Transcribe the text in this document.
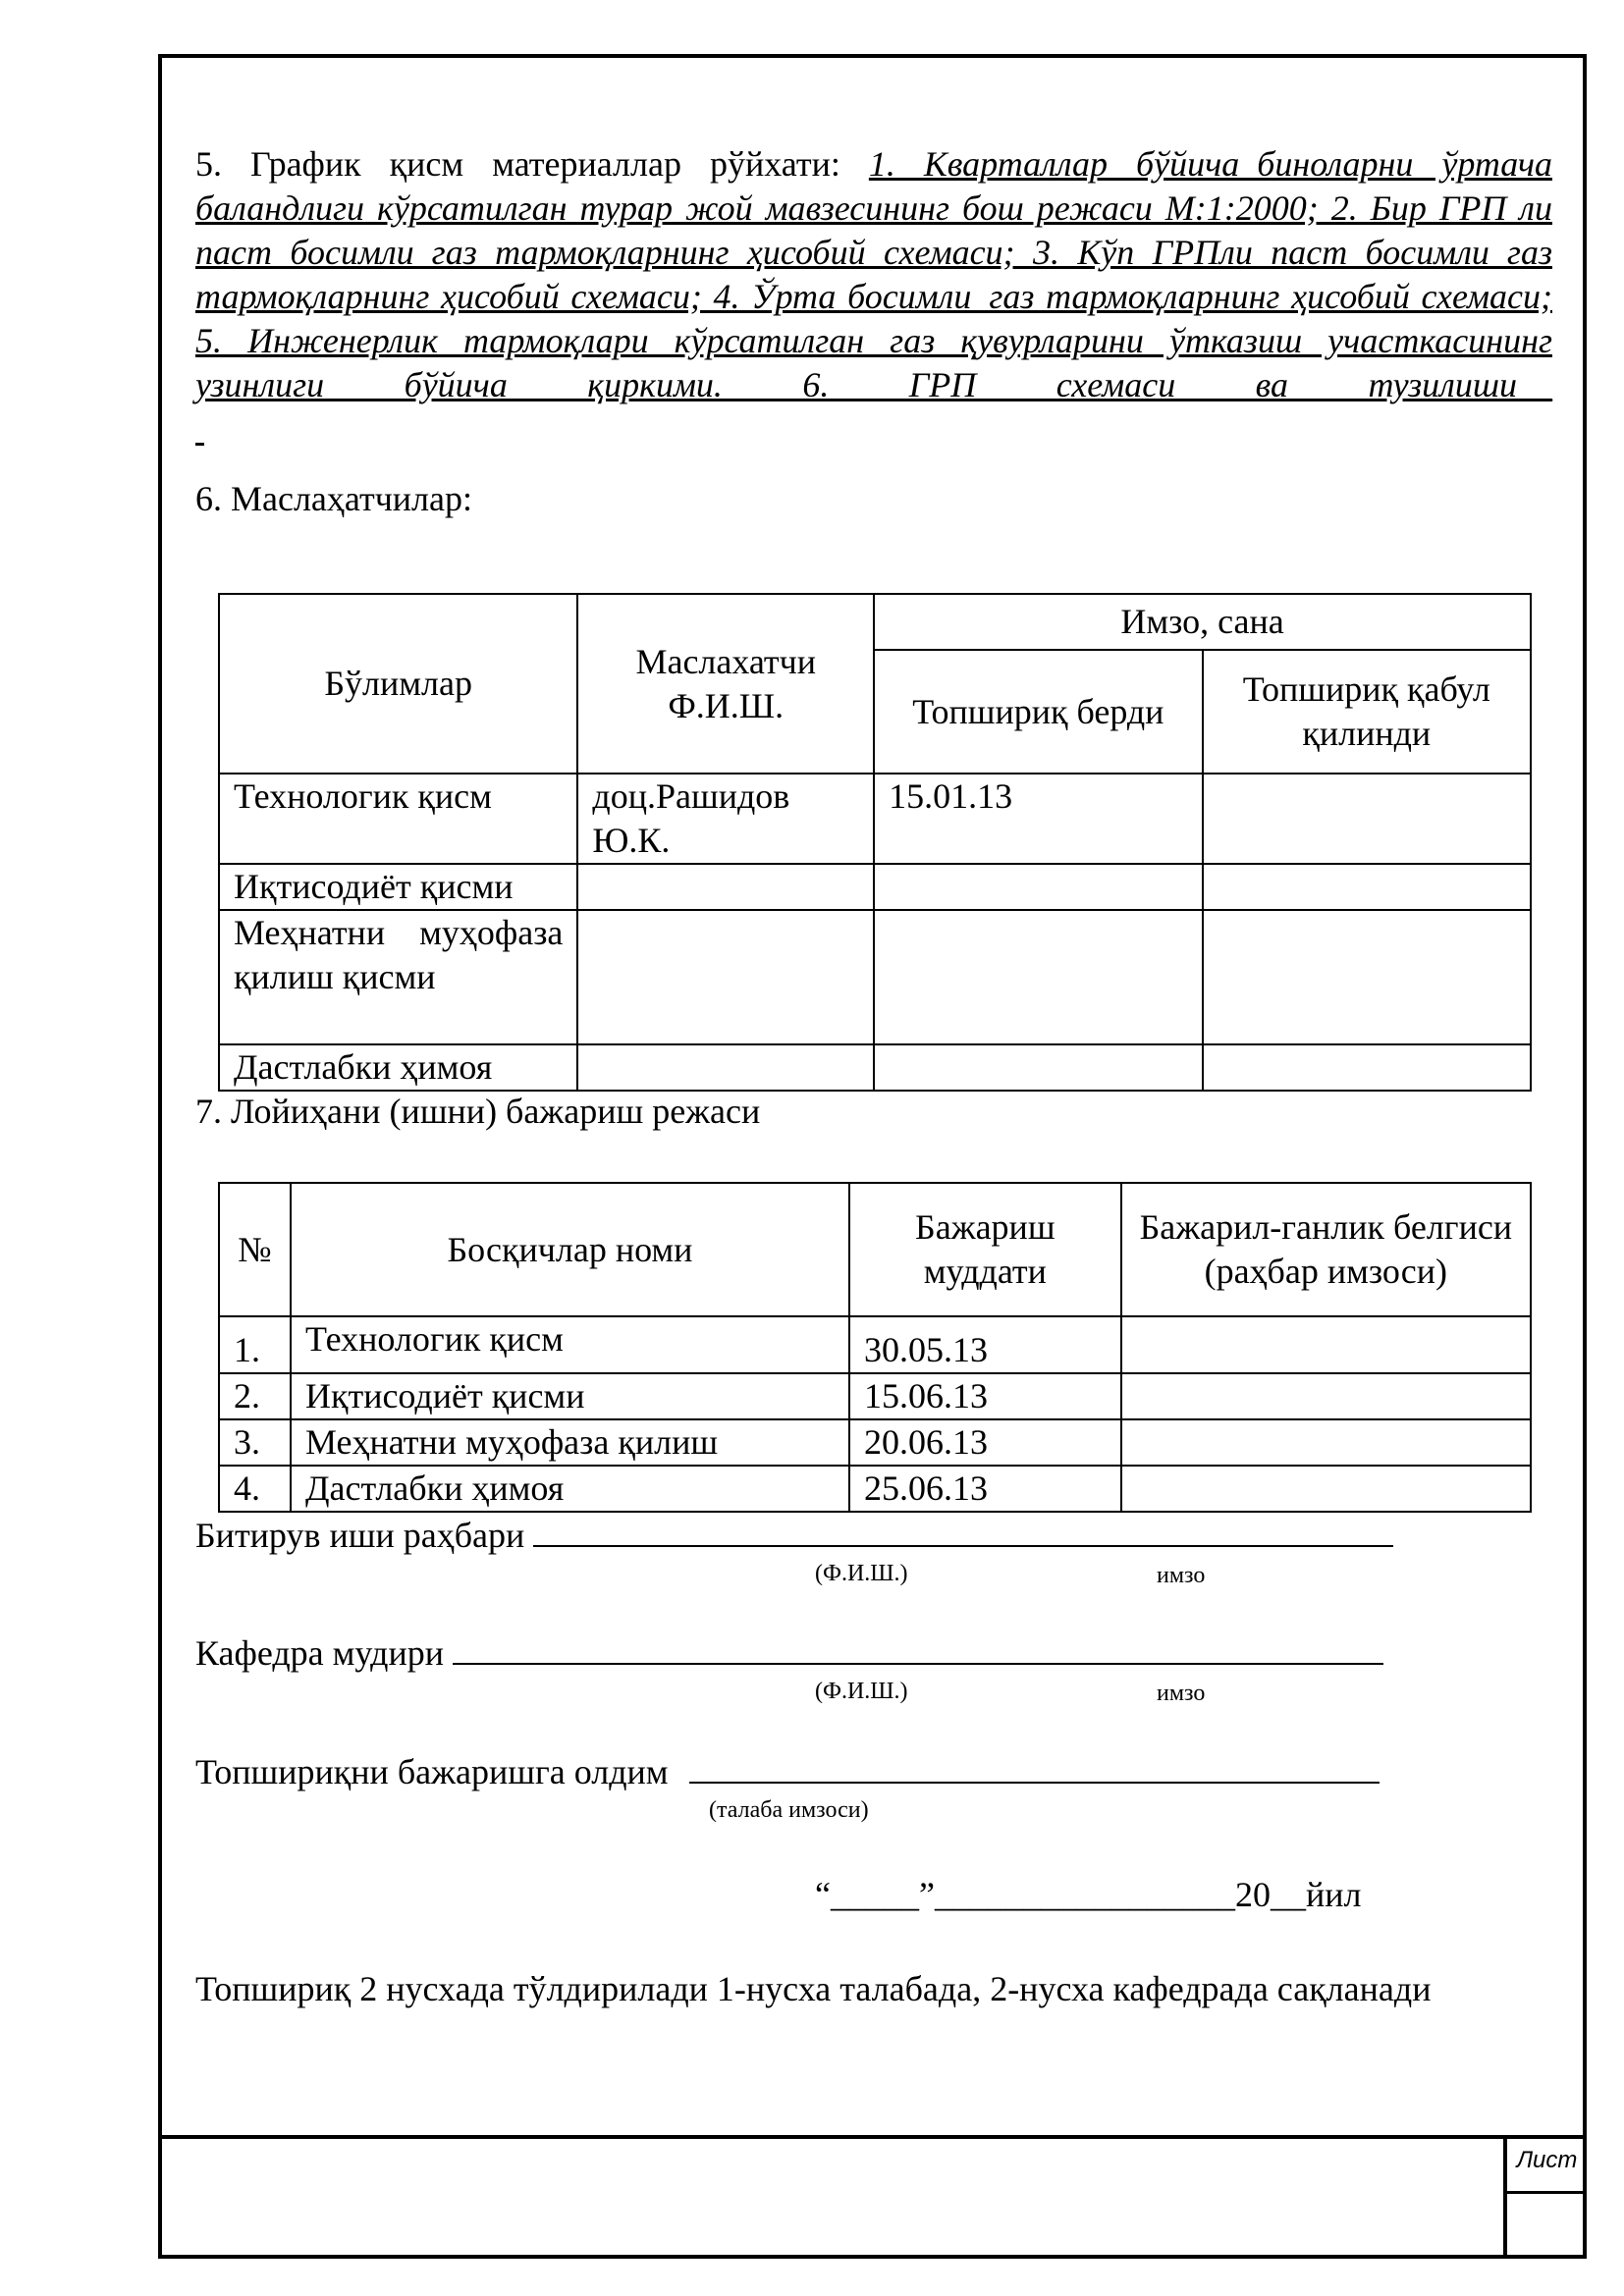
Лист
5. График қисм материаллар рўйхати: 1. Кварталлар бўйича_биноларни ўртача баландлиги кўрсатилган турар жой мавзесининг бош режаси М:1:2000; 2. Бир ГРП ли паст босимли_газ тармоқларнинг ҳисобий схемаси; 3. Кўп ГРПли паст босимли_газ тармоқларнинг ҳисобий схемаси; 4. Ўрта босимли_газ тармоқларнинг ҳисобий схемаси; 5. Инженерлик тармоқлари кўрсатилган газ қувурларини ўтказиш участкасининг узинлиги бўйича қиркими. 6. ГРП схемаси ва тузилиши__
6. Маслаҳатчилар:
Бўлимлар	Маслахатчи Ф.И.Ш.	Имзо, сана	
		Топшириқ берди	Топшириқ қабул қилинди
Технологик қисм	доц.Рашидов Ю.К.	15.01.13	
Иқтисодиёт қисми			
Меҳнатни муҳофаза қилиш қисми			
Дастлабки ҳимоя			
7. Лойиҳани (ишни) бажариш режаси
№	Босқичлар номи	Бажариш муддати	Бажарил-ганлик белгиси (раҳбар имзоси)
1.	Технологик қисм	30.05.13	
2.	Иқтисодиёт қисми	15.06.13	
3.	Меҳнатни муҳофаза қилиш	20.06.13	
4.	Дастлабки ҳимоя	25.06.13	
Битирув иши раҳбари
(Ф.И.Ш.)	имзо
Кафедра мудири
(Ф.И.Ш.)	имзо
Топшириқни бажаришга олдим
(талаба имзоси)
“_____”_________________20__йил
Топшириқ 2 нусхада тўлдирилади 1-нусха талабада, 2-нусха кафедрада сақланади
